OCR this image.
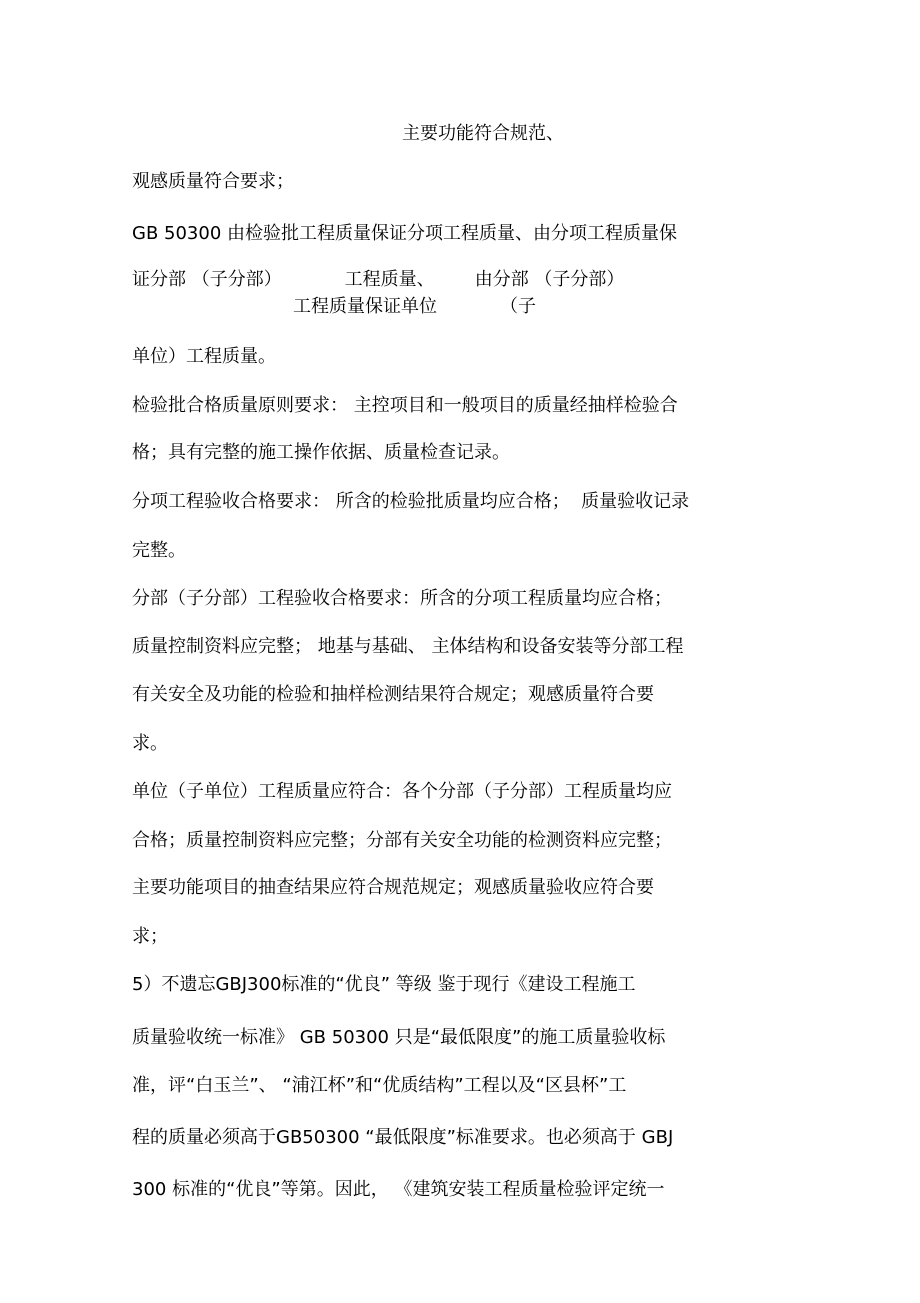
主要功能符合规范、
观感质量符合要求；
GB 50300 由检验批工程质量保证分项工程质量、由分项工程质量保
证分部 （子分部）           工程质量、       由分部 （子分部）
工程质量保证单位           （子
单位）工程质量。
检验批合格质量原则要求： 主控项目和一般项目的质量经抽样检验合
格；具有完整的施工操作依据、质量检查记录。
分项工程验收合格要求： 所含的检验批质量均应合格；  质量验收记录
完整。
分部（子分部）工程验收合格要求：所含的分项工程质量均应合格；
质量控制资料应完整； 地基与基础、 主体结构和设备安装等分部工程
有关安全及功能的检验和抽样检测结果符合规定；观感质量符合要
求。
单位（子单位）工程质量应符合：各个分部（子分部）工程质量均应
合格；质量控制资料应完整；分部有关安全功能的检测资料应完整；
主要功能项目的抽查结果应符合规范规定；观感质量验收应符合要
求；
5）不遗忘GBJ300标准的“优良” 等级 鉴于现行《建设工程施工
质量验收统一标准》 GB 50300 只是“最低限度”的施工质量验收标
准，评“白玉兰”、 “浦江杯”和“优质结构”工程以及“区县杯”工
程的质量必须高于GB50300 “最低限度”标准要求。也必须高于 GBJ
300 标准的“优良”等第。因此， 《建筑安装工程质量检验评定统一
